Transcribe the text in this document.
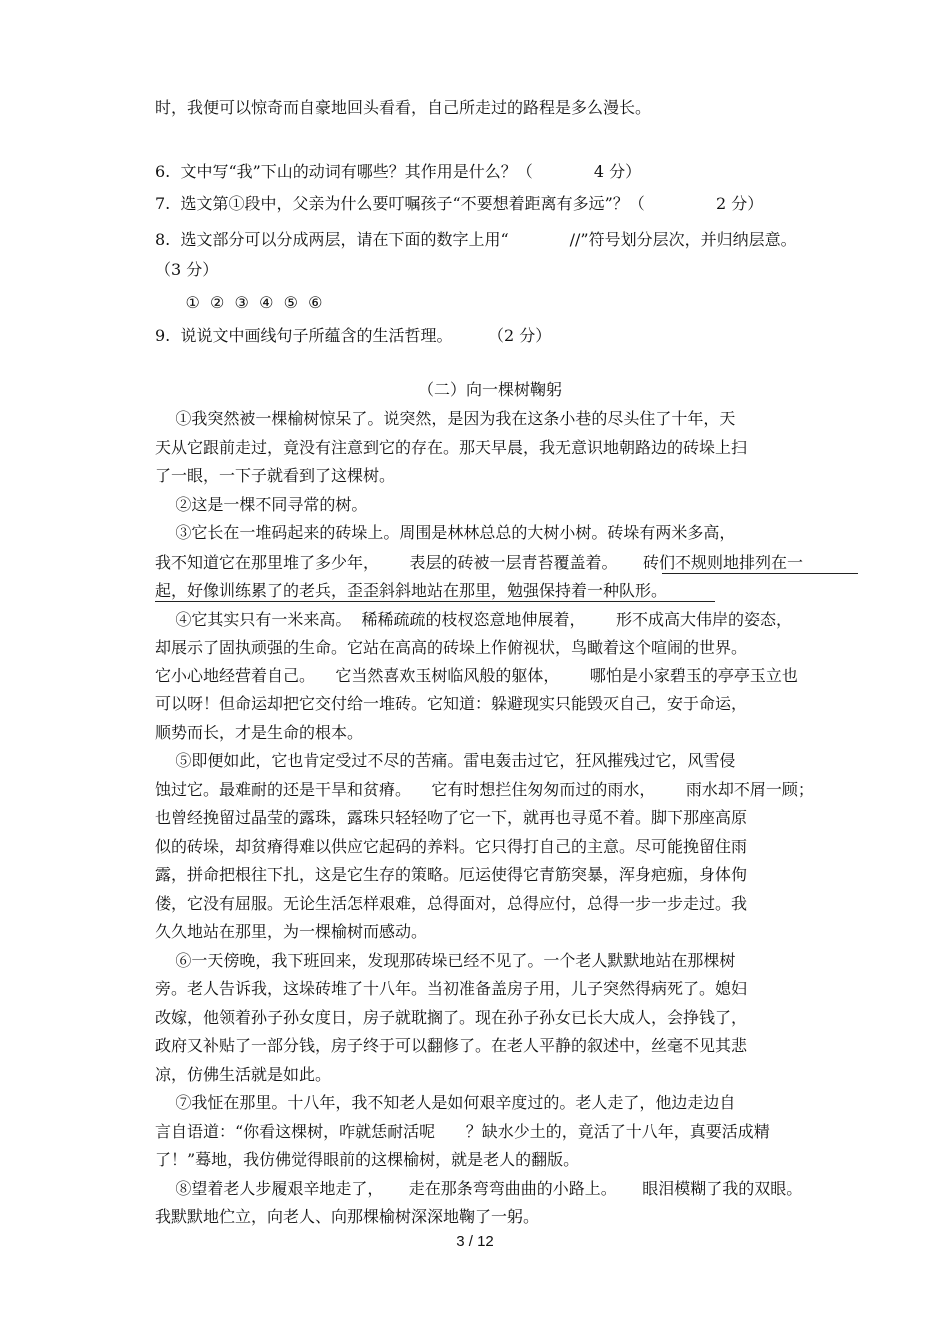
时，我便可以惊奇而自豪地回头看看，自己所走过的路程是多么漫长。
6.  文中写“我”下山的动词有哪些？其作用是什么？（            4 分）
7.  选文第①段中，父亲为什么要叮嘱孩子“不要想着距离有多远”？（              2 分）
8.  选文部分可以分成两层，请在下面的数字上用“            //”符号划分层次，并归纳层意。
（3 分）
①  ②  ③  ④  ⑤  ⑥
9.  说说文中画线句子所蕴含的生活哲理。       （2 分）
（二）向一棵树鞠躬
①我突然被一棵榆树惊呆了。说突然，是因为我在这条小巷的尽头住了十年，天
天从它跟前走过，竟没有注意到它的存在。那天早晨，我无意识地朝路边的砖垛上扫
了一眼，一下子就看到了这棵树。
②这是一棵不同寻常的树。
③它长在一堆码起来的砖垛上。周围是林林总总的大树小树。砖垛有两米多高，
我不知道它在那里堆了多少年，      表层的砖被一层青苔覆盖着。     砖们不规则地排列在一
起，好像训练累了的老兵，歪歪斜斜地站在那里，勉强保持着一种队形。
④它其实只有一米来高。  稀稀疏疏的枝杈恣意地伸展着，      形不成高大伟岸的姿态，
却展示了固执顽强的生命。它站在高高的砖垛上作俯视状，鸟瞰着这个喧闹的世界。
它小心地经营着自己。    它当然喜欢玉树临风般的躯体，      哪怕是小家碧玉的亭亭玉立也
可以呀！但命运却把它交付给一堆砖。它知道：躲避现实只能毁灭自己，安于命运，
顺势而长，才是生命的根本。
⑤即便如此，它也肯定受过不尽的苦痛。雷电轰击过它，狂风摧残过它，风雪侵
蚀过它。最难耐的还是干旱和贫瘠。    它有时想拦住匆匆而过的雨水，      雨水却不屑一顾；
也曾经挽留过晶莹的露珠，露珠只轻轻吻了它一下，就再也寻觅不着。脚下那座高原
似的砖垛，却贫瘠得难以供应它起码的养料。它只得打自己的主意。尽可能挽留住雨
露，拼命把根往下扎，这是它生存的策略。厄运使得它青筋突暴，浑身疤痂，身体佝
偻，它没有屈服。无论生活怎样艰难，总得面对，总得应付，总得一步一步走过。我
久久地站在那里，为一棵榆树而感动。
⑥一天傍晚，我下班回来，发现那砖垛已经不见了。一个老人默默地站在那棵树
旁。老人告诉我，这垛砖堆了十八年。当初准备盖房子用，儿子突然得病死了。媳妇
改嫁，他领着孙子孙女度日，房子就耽搁了。现在孙子孙女已长大成人，会挣钱了，
政府又补贴了一部分钱，房子终于可以翻修了。在老人平静的叙述中，丝毫不见其悲
凉，仿佛生活就是如此。
⑦我怔在那里。十八年，我不知老人是如何艰辛度过的。老人走了，他边走边自
言自语道：“你看这棵树，咋就恁耐活呢      ？缺水少土的，竟活了十八年，真要活成精
了！”蓦地，我仿佛觉得眼前的这棵榆树，就是老人的翻版。
⑧望着老人步履艰辛地走了，     走在那条弯弯曲曲的小路上。     眼泪模糊了我的双眼。
我默默地伫立，向老人、向那棵榆树深深地鞠了一躬。
3 / 12
